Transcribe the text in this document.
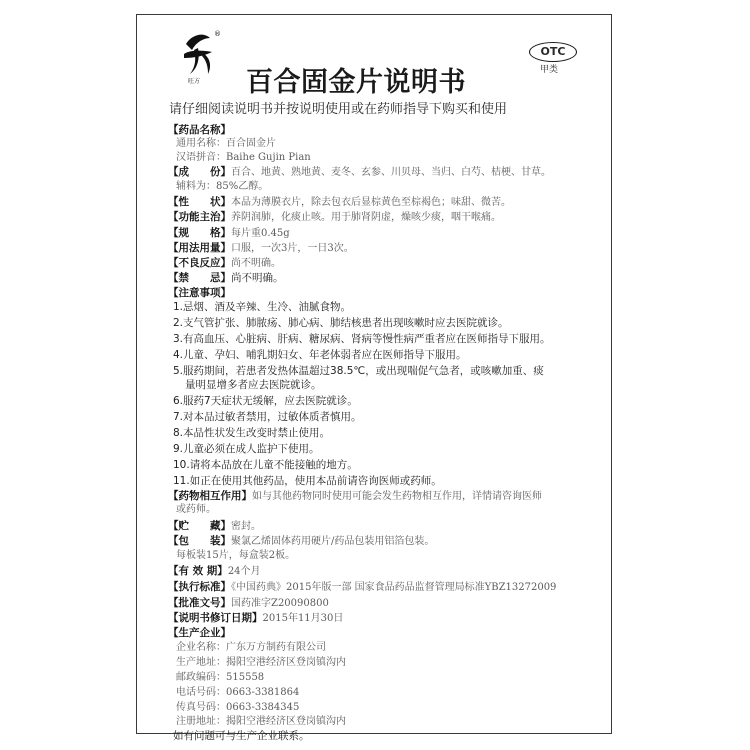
®
旺方
OTC
甲类
百合固金片说明书
请仔细阅读说明书并按说明使用或在药师指导下购买和使用
【药品名称】
通用名称：百合固金片
汉语拼音：Baihe Gujin Pian
【成　　份】百合、地黄、熟地黄、麦冬、玄参、川贝母、当归、白芍、桔梗、甘草。
辅料为：85%乙醇。
【性　　状】本品为薄膜衣片，除去包衣后显棕黄色至棕褐色；味甜、微苦。
【功能主治】养阴润肺，化痰止咳。用于肺肾阴虚，燥咳少痰，咽干喉痛。
【规　　格】每片重0.45g
【用法用量】口服，一次3片，一日3次。
【不良反应】尚不明确。
【禁　　忌】尚不明确。
【注意事项】
1.忌烟、酒及辛辣、生冷、油腻食物。
2.支气管扩张、肺脓疡、肺心病、肺结核患者出现咳嗽时应去医院就诊。
3.有高血压、心脏病、肝病、糖尿病、肾病等慢性病严重者应在医师指导下服用。
4.儿童、孕妇、哺乳期妇女、年老体弱者应在医师指导下服用。
5.服药期间，若患者发热体温超过38.5℃，或出现喘促气急者，或咳嗽加重、痰
量明显增多者应去医院就诊。
6.服药7天症状无缓解，应去医院就诊。
7.对本品过敏者禁用，过敏体质者慎用。
8.本品性状发生改变时禁止使用。
9.儿童必须在成人监护下使用。
10.请将本品放在儿童不能接触的地方。
11.如正在使用其他药品，使用本品前请咨询医师或药师。
【药物相互作用】如与其他药物同时使用可能会发生药物相互作用，详情请咨询医师
或药师。
【贮　　藏】密封。
【包　　装】聚氯乙烯固体药用硬片/药品包装用铝箔包装。
每板装15片，每盒装2板。
【有 效 期】24个月
【执行标准】《中国药典》2015年版一部 国家食品药品监督管理局标准YBZ13272009
【批准文号】国药准字Z20090800
【说明书修订日期】2015年11月30日
【生产企业】
企业名称：广东万方制药有限公司
生产地址：揭阳空港经济区登岗镇沟内
邮政编码：515558
电话号码：0663-3381864
传真号码：0663-3384345
注册地址：揭阳空港经济区登岗镇沟内
如有问题可与生产企业联系。
